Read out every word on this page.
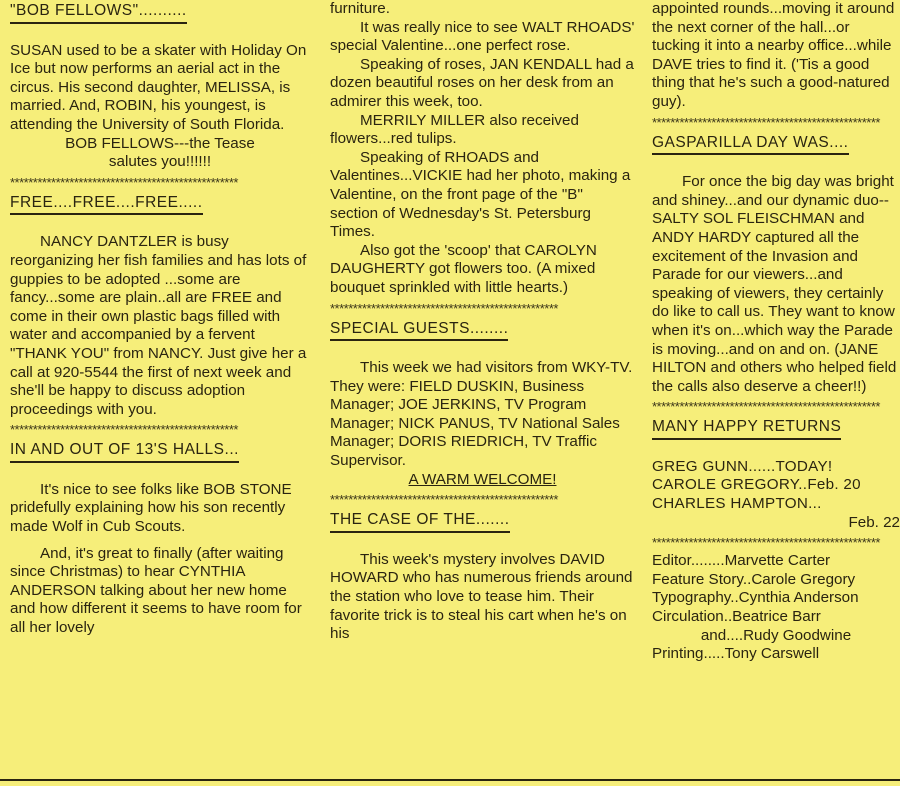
"BOB FELLOWS"..........

SUSAN used to be a skater with Holiday On Ice but now performs an aerial act in the circus. His second daughter, MELISSA, is married. And, ROBIN, his youngest, is attending the University of South Florida.

BOB FELLOWS---the Tease

salutes you!!!!!!

**************************************************
FREE....FREE....FREE.....

NANCY DANTZLER is busy reorganizing her fish families and has lots of guppies to be adopted ...some are fancy...some are plain..all are FREE and come in their own plastic bags filled with water and accompanied by a fervent "THANK YOU" from NANCY. Just give her a call at 920-5544 the first of next week and she'll be happy to discuss adoption proceedings with you.

**************************************************
IN AND OUT OF 13'S HALLS...

It's nice to see folks like BOB STONE pridefully explaining how his son recently made Wolf in Cub Scouts.

And, it's great to finally (after waiting since Christmas) to hear CYNTHIA ANDERSON talking about her new home and how different it seems to have room for all her lovely

furniture.

It was really nice to see WALT RHOADS' special Valentine...one perfect rose.

Speaking of roses, JAN KENDALL had a dozen beautiful roses on her desk from an admirer this week, too.

MERRILY MILLER also received flowers...red tulips.

Speaking of RHOADS and Valentines...VICKIE had her photo, making a Valentine, on the front page of the "B" section of Wednesday's St. Petersburg Times.

Also got the 'scoop' that CAROLYN DAUGHERTY got flowers too. (A mixed bouquet sprinkled with little hearts.)

**************************************************
SPECIAL GUESTS........

This week we had visitors from WKY-TV. They were: FIELD DUSKIN, Business Manager; JOE JERKINS, TV Program Manager; NICK PANUS, TV National Sales Manager; DORIS RIEDRICH, TV Traffic Supervisor.

A WARM WELCOME!

**************************************************
THE CASE OF THE.......

This week's mystery involves DAVID HOWARD who has numerous friends around the station who love to tease him. Their favorite trick is to steal his cart when he's on his

appointed rounds...moving it around the next corner of the hall...or tucking it into a nearby office...while DAVE tries to find it. ('Tis a good thing that he's such a good-natured guy).

**************************************************
GASPARILLA DAY WAS....

For once the big day was bright and shiney...and our dynamic duo--SALTY SOL FLEISCHMAN and ANDY HARDY captured all the excitement of the Invasion and Parade for our viewers...and speaking of viewers, they certainly do like to call us. They want to know when it's on...which way the Parade is moving...and on and on. (JANE HILTON and others who helped field the calls also deserve a cheer!!)

**************************************************
MANY HAPPY RETURNS

GREG GUNN......TODAY!

CAROLE GREGORY..Feb. 20

CHARLES HAMPTON...

Feb. 22

**************************************************

Editor........Marvette Carter

Feature Story..Carole Gregory

Typography..Cynthia Anderson

Circulation..Beatrice Barr

and....Rudy Goodwine

Printing.....Tony Carswell
